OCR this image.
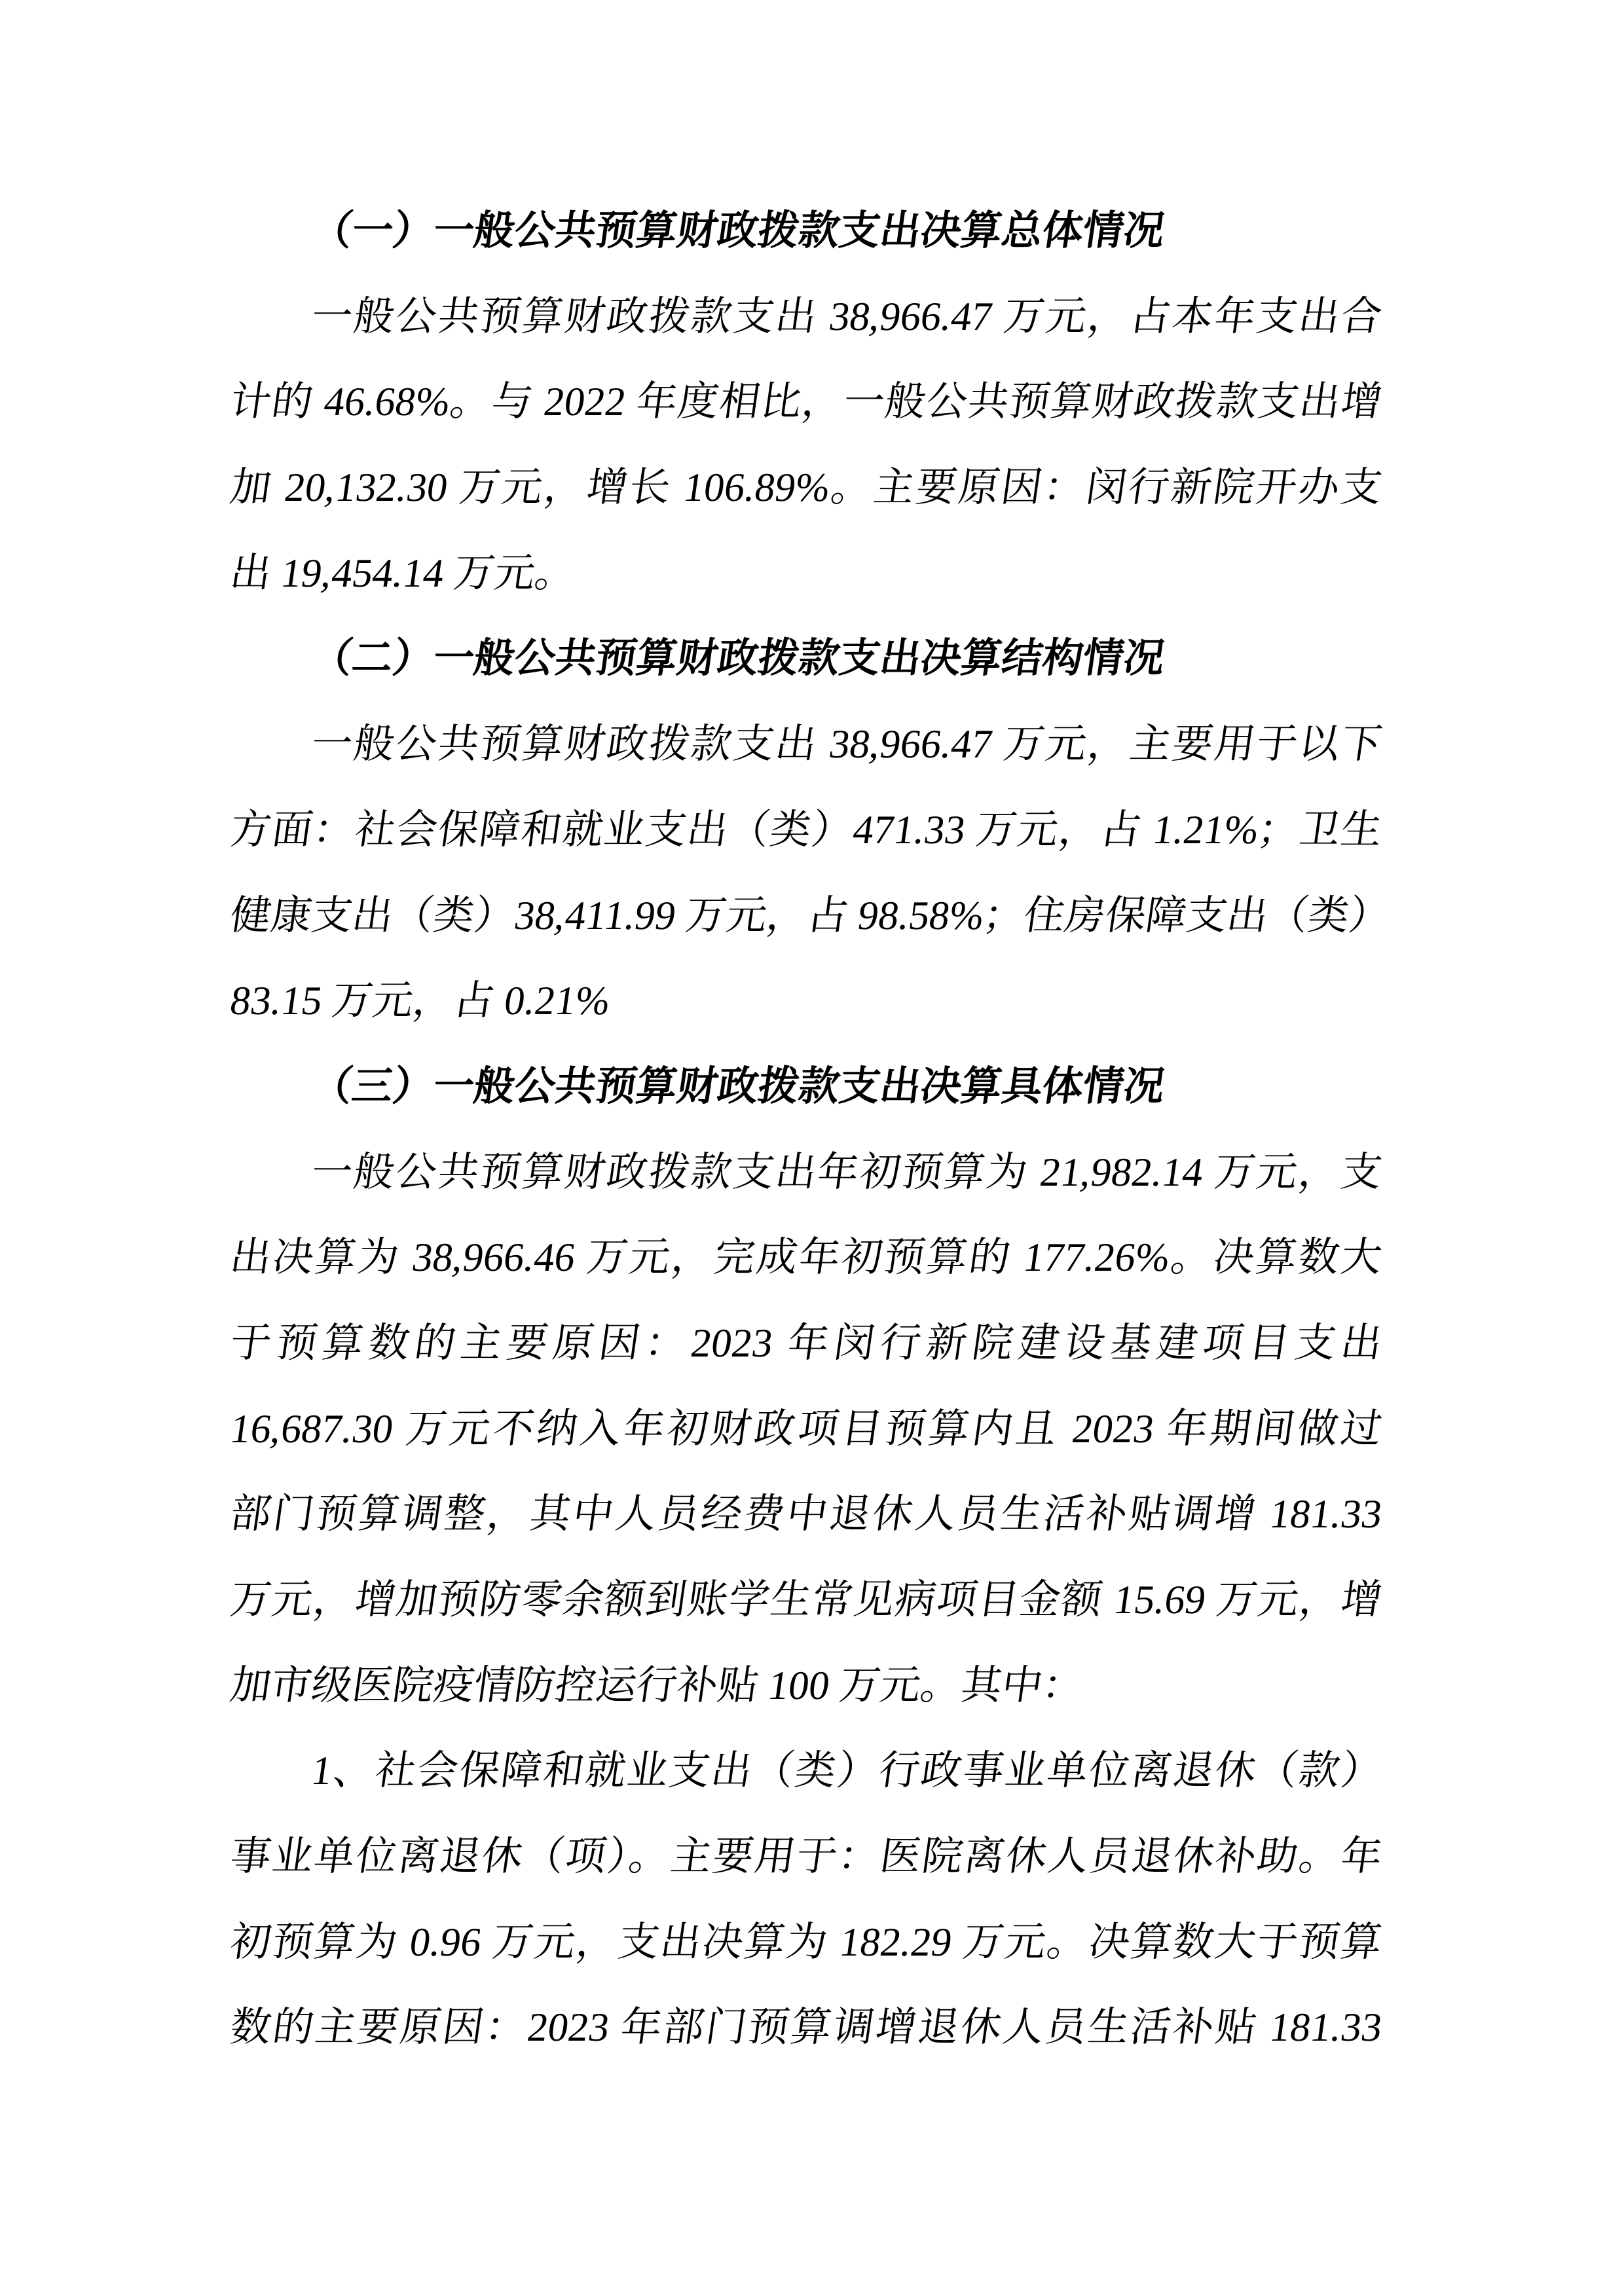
（一）一般公共预算财政拨款支出决算总体情况
一般公共预算财政拨款支出 38,966.47 万元，占本年支出合
计的 46.68%。与 2022 年度相比，一般公共预算财政拨款支出增
加 20,132.30 万元，增长 106.89%。主要原因：闵行新院开办支
出 19,454.14 万元。
（二）一般公共预算财政拨款支出决算结构情况
一般公共预算财政拨款支出 38,966.47 万元，主要用于以下
方面：社会保障和就业支出（类）471.33 万元，占 1.21%；卫生
健康支出（类）38,411.99 万元，占 98.58%；住房保障支出（类）
83.15 万元，占 0.21%
（三）一般公共预算财政拨款支出决算具体情况
一般公共预算财政拨款支出年初预算为 21,982.14 万元，支
出决算为 38,966.46 万元，完成年初预算的 177.26%。决算数大
于预算数的主要原因：2023 年闵行新院建设基建项目支出
16,687.30 万元不纳入年初财政项目预算内且 2023 年期间做过
部门预算调整，其中人员经费中退休人员生活补贴调增 181.33
万元，增加预防零余额到账学生常见病项目金额 15.69 万元，增
加市级医院疫情防控运行补贴 100 万元。其中：
1、社会保障和就业支出（类）行政事业单位离退休（款）
事业单位离退休（项）。主要用于：医院离休人员退休补助。年
初预算为 0.96 万元，支出决算为 182.29 万元。决算数大于预算
数的主要原因：2023 年部门预算调增退休人员生活补贴 181.33
